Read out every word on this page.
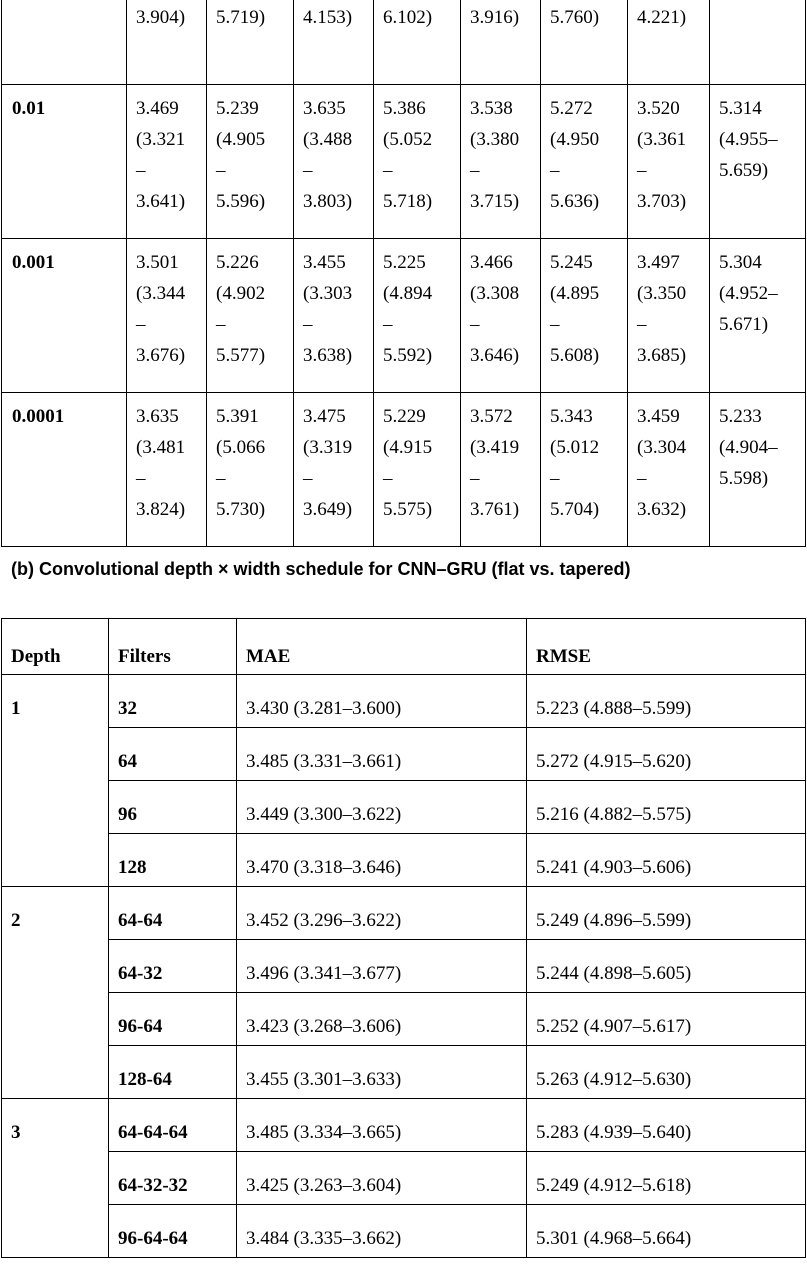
	3.904)	5.719)	4.153)	6.102)	3.916)	5.760)	4.221)	

0.01	3.469
(3.321
–
3.641)	5.239
(4.905
–
5.596)	3.635
(3.488
–
3.803)	5.386
(5.052
–
5.718)	3.538
(3.380
–
3.715)	5.272
(4.950
–
5.636)	3.520
(3.361
–
3.703)	5.314
(4.955–
5.659)

0.001	3.501
(3.344
–
3.676)	5.226
(4.902
–
5.577)	3.455
(3.303
–
3.638)	5.225
(4.894
–
5.592)	3.466
(3.308
–
3.646)	5.245
(4.895
–
5.608)	3.497
(3.350
–
3.685)	5.304
(4.952–
5.671)

0.0001	3.635
(3.481
–
3.824)	5.391
(5.066
–
5.730)	3.475
(3.319
–
3.649)	5.229
(4.915
–
5.575)	3.572
(3.419
–
3.761)	5.343
(5.012
–
5.704)	3.459
(3.304
–
3.632)	5.233
(4.904–
5.598)
(b) Convolutional depth × width schedule for CNN–GRU (flat vs. tapered)
Depth	Filters	MAE	RMSE
1	32	3.430 (3.281–3.600)	5.223 (4.888–5.599)
	64	3.485 (3.331–3.661)	5.272 (4.915–5.620)
	96	3.449 (3.300–3.622)	5.216 (4.882–5.575)
	128	3.470 (3.318–3.646)	5.241 (4.903–5.606)
2	64-64	3.452 (3.296–3.622)	5.249 (4.896–5.599)
	64-32	3.496 (3.341–3.677)	5.244 (4.898–5.605)
	96-64	3.423 (3.268–3.606)	5.252 (4.907–5.617)
	128-64	3.455 (3.301–3.633)	5.263 (4.912–5.630)
3	64-64-64	3.485 (3.334–3.665)	5.283 (4.939–5.640)
	64-32-32	3.425 (3.263–3.604)	5.249 (4.912–5.618)
	96-64-64	3.484 (3.335–3.662)	5.301 (4.968–5.664)
